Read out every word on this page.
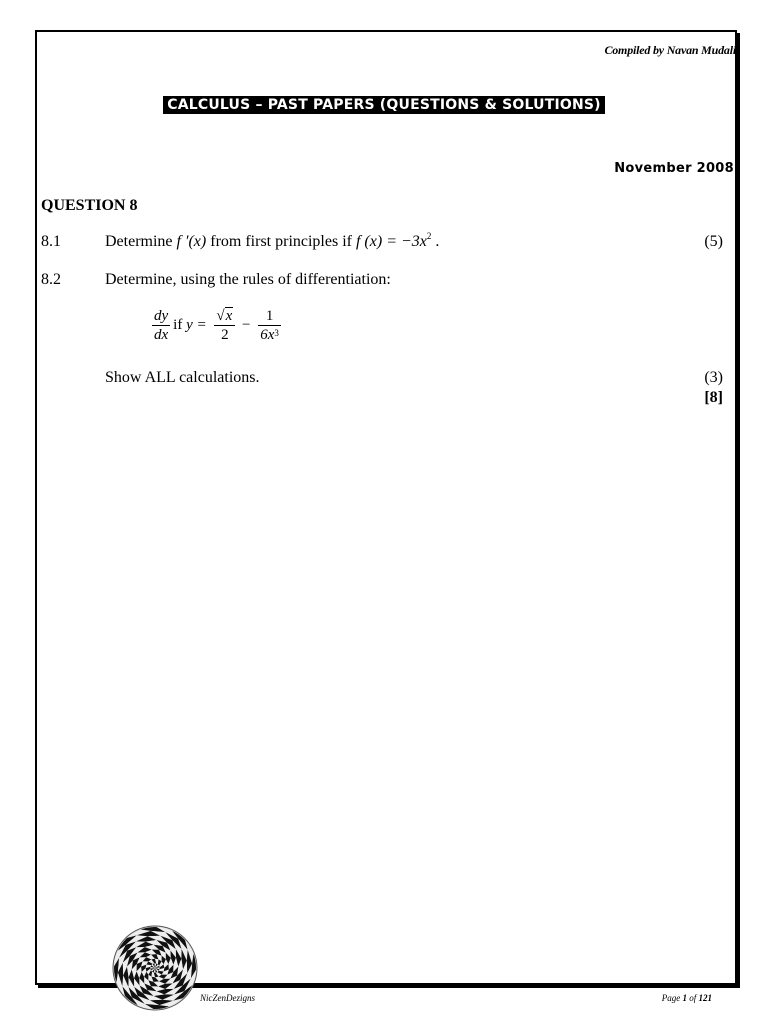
Compiled by Navan Mudali
CALCULUS – PAST PAPERS (QUESTIONS & SOLUTIONS)
November 2008
QUESTION 8
8.1	Determine f ′(x) from first principles if f $(x) = -3x^2$ .	(5)
8.2	Determine, using the rules of differentiation:
$\frac{dy}{dx}$ if $y = \frac{√x}{2} - \frac{1}{6x^3}$
Show ALL calculations.	(3)
[8]
NicZenDezigns	Page 1 of 121
